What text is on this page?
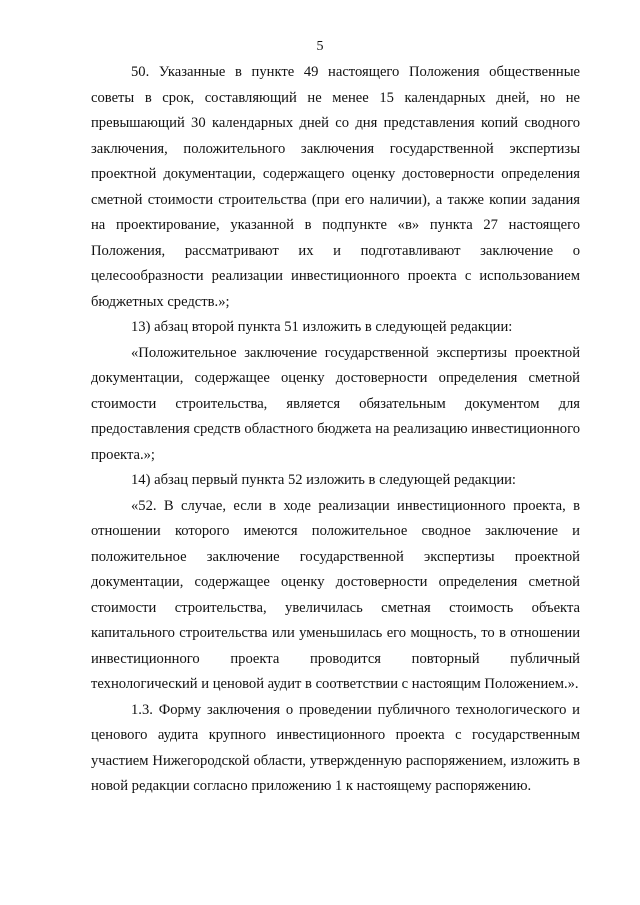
5

50. Указанные в пункте 49 настоящего Положения общественные советы в срок, составляющий не менее 15 календарных дней, но не превышающий 30 календарных дней со дня представления копий сводного заключения, положительного заключения государственной экспертизы проектной документации, содержащего оценку достоверности определения сметной стоимости строительства (при его наличии), а также копии задания на проектирование, указанной в подпункте «в» пункта 27 настоящего Положения, рассматривают их и подготавливают заключение о целесообразности реализации инвестиционного проекта с использованием бюджетных средств.»;

13) абзац второй пункта 51 изложить в следующей редакции:

«Положительное заключение государственной экспертизы проектной документации, содержащее оценку достоверности определения сметной стоимости строительства, является обязательным документом для предоставления средств областного бюджета на реализацию инвестиционного проекта.»;

14) абзац первый пункта 52 изложить в следующей редакции:

«52. В случае, если в ходе реализации инвестиционного проекта, в отношении которого имеются положительное сводное заключение и положительное заключение государственной экспертизы проектной документации, содержащее оценку достоверности определения сметной стоимости строительства, увеличилась сметная стоимость объекта капитального строительства или уменьшилась его мощность, то в отношении инвестиционного проекта проводится повторный публичный технологический и ценовой аудит в соответствии с настоящим Положением.».

1.3. Форму заключения о проведении публичного технологического и ценового аудита крупного инвестиционного проекта с государственным участием Нижегородской области, утвержденную распоряжением, изложить в новой редакции согласно приложению 1 к настоящему распоряжению.
